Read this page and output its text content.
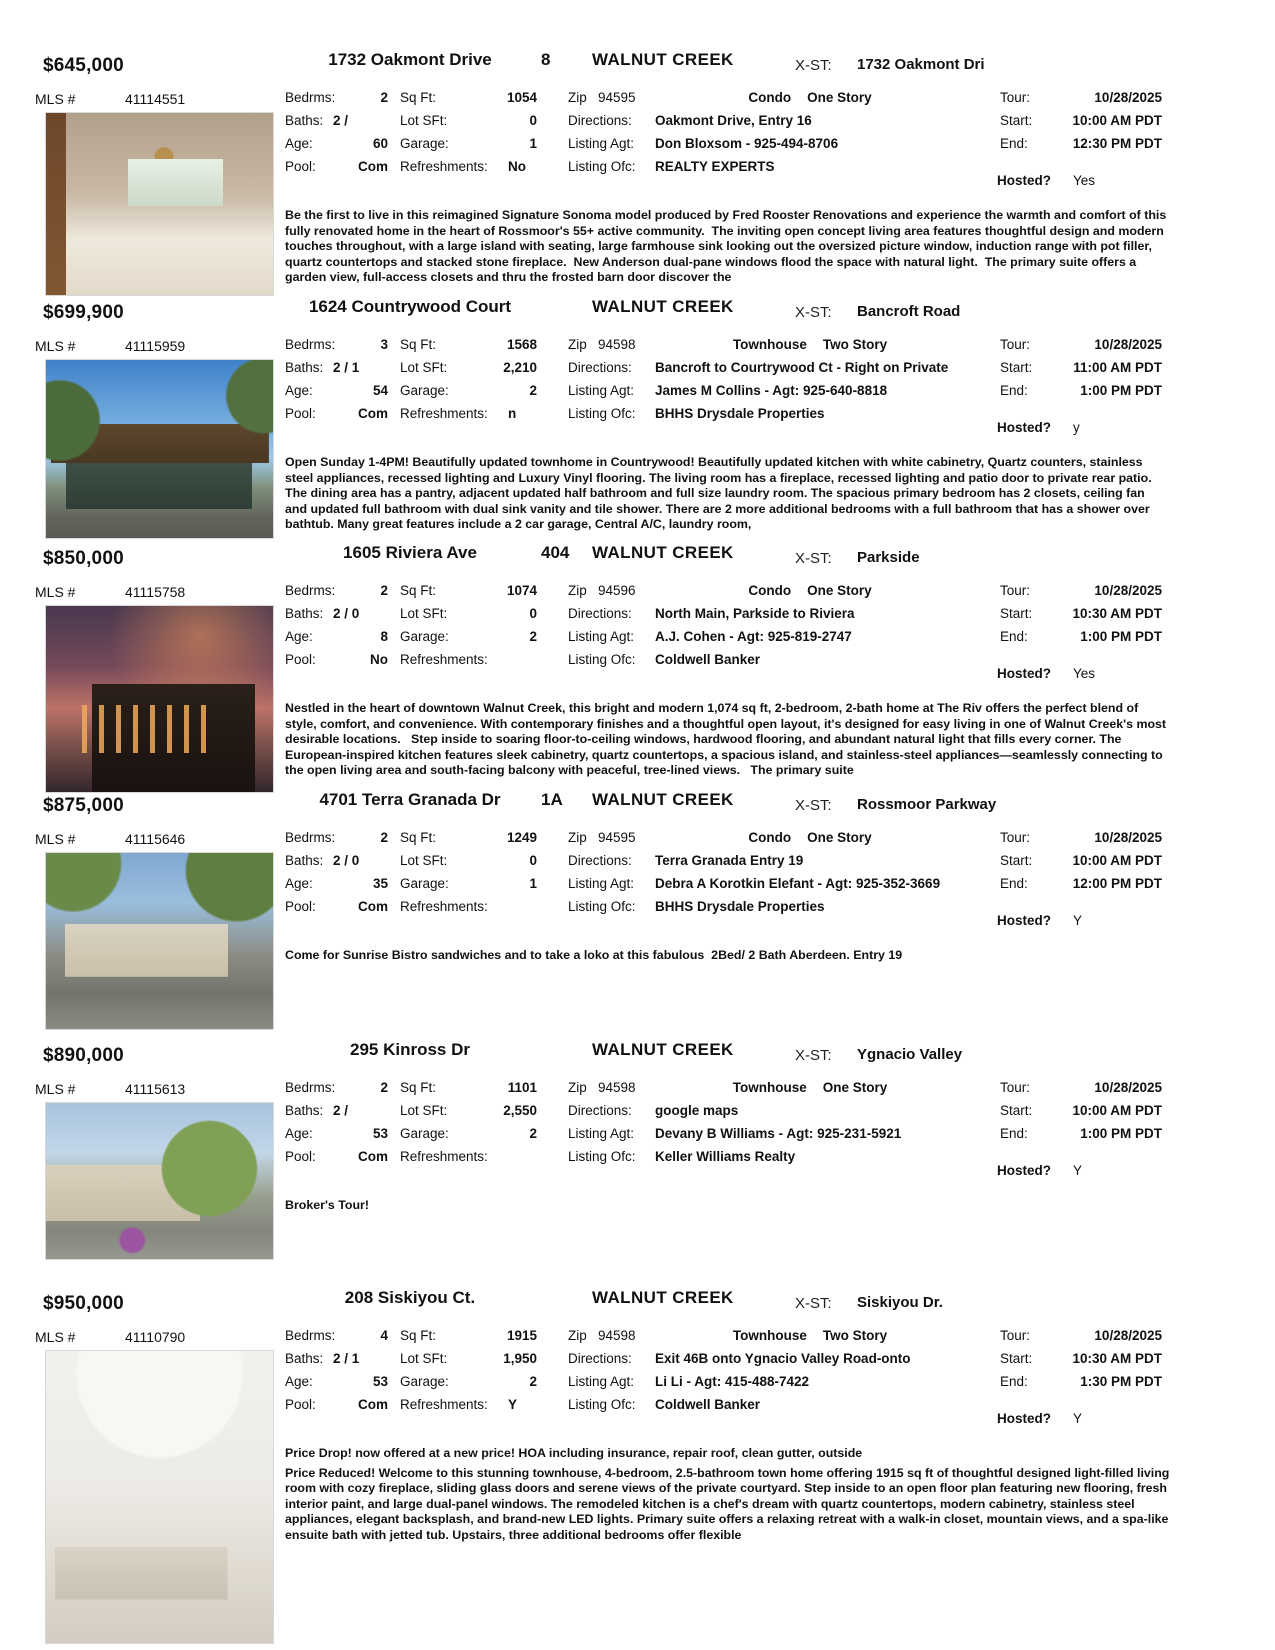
$645,000
MLS #	41114551
1732 Oakmont Drive	8 WALNUT CREEK	X-ST: 1732 Oakmont Dri
Bedrms:	2 Sq Ft:	1054 Zip 94595	Condo One Story	Tour:	10/28/2025
Baths: 2 /	Lot SFt:	0 Directions: Oakmont Drive, Entry 16	Start:	10:00 AM PDT
Age:	60 Garage:	1 Listing Agt: Don Bloxsom - 925-494-8706	End:	12:30 PM PDT
Pool:	Com Refreshments: No	Listing Ofc: REALTY EXPERTS
Hosted? Yes
Be the first to live in this reimagined Signature Sonoma model produced by Fred Rooster Renovations and experience the warmth and comfort of this fully renovated home in the heart of Rossmoor's 55+ active community.  The inviting open concept living area features thoughtful design and modern touches throughout, with a large island with seating, large farmhouse sink looking out the oversized picture window, induction range with pot filler, quartz countertops and stacked stone fireplace.  New Anderson dual-pane windows flood the space with natural light.  The primary suite offers a garden view, full-access closets and thru the frosted barn door discover the
$699,900
MLS #	41115959
1624 Countrywood Court	WALNUT CREEK	X-ST: Bancroft Road
Bedrms:	3 Sq Ft:	1568 Zip 94598	Townhouse Two Story	Tour:	10/28/2025
Baths: 2 / 1	Lot SFt:	2,210 Directions: Bancroft to Courtrywood Ct - Right on Private	Start:	11:00 AM PDT
Age:	54 Garage:	2 Listing Agt: James M Collins - Agt: 925-640-8818	End:	1:00 PM PDT
Pool:	Com Refreshments: n	Listing Ofc: BHHS Drysdale Properties
Hosted? y
Open Sunday 1-4PM! Beautifully updated townhome in Countrywood! Beautifully updated kitchen with white cabinetry, Quartz counters, stainless steel appliances, recessed lighting and Luxury Vinyl flooring. The living room has a fireplace, recessed lighting and patio door to private rear patio. The dining area has a pantry, adjacent updated half bathroom and full size laundry room. The spacious primary bedroom has 2 closets, ceiling fan and updated full bathroom with dual sink vanity and tile shower. There are 2 more additional bedrooms with a full bathroom that has a shower over bathtub. Many great features include a 2 car garage, Central A/C, laundry room,
$850,000
MLS #	41115758
1605 Riviera Ave	404 WALNUT CREEK	X-ST: Parkside
Bedrms:	2 Sq Ft:	1074 Zip 94596	Condo One Story	Tour:	10/28/2025
Baths: 2 / 0	Lot SFt:	0 Directions: North Main, Parkside to Riviera	Start:	10:30 AM PDT
Age:	8 Garage:	2 Listing Agt: A.J. Cohen - Agt: 925-819-2747	End:	1:00 PM PDT
Pool:	No Refreshments:	Listing Ofc: Coldwell Banker
Hosted? Yes
Nestled in the heart of downtown Walnut Creek, this bright and modern 1,074 sq ft, 2-bedroom, 2-bath home at The Riv offers the perfect blend of style, comfort, and convenience. With contemporary finishes and a thoughtful open layout, it's designed for easy living in one of Walnut Creek's most desirable locations.   Step inside to soaring floor-to-ceiling windows, hardwood flooring, and abundant natural light that fills every corner. The European-inspired kitchen features sleek cabinetry, quartz countertops, a spacious island, and stainless-steel appliances—seamlessly connecting to the open living area and south-facing balcony with peaceful, tree-lined views.   The primary suite
$875,000
MLS #	41115646
4701 Terra Granada Dr	1A WALNUT CREEK	X-ST: Rossmoor Parkway
Bedrms:	2 Sq Ft:	1249 Zip 94595	Condo One Story	Tour:	10/28/2025
Baths: 2 / 0	Lot SFt:	0 Directions: Terra Granada Entry 19	Start:	10:00 AM PDT
Age:	35 Garage:	1 Listing Agt: Debra A Korotkin Elefant - Agt: 925-352-3669	End:	12:00 PM PDT
Pool:	Com Refreshments:	Listing Ofc: BHHS Drysdale Properties
Hosted? Y
Come for Sunrise Bistro sandwiches and to take a loko at this fabulous  2Bed/ 2 Bath Aberdeen. Entry 19
$890,000
MLS #	41115613
295 Kinross Dr	WALNUT CREEK	X-ST: Ygnacio Valley
Bedrms:	2 Sq Ft:	1101 Zip 94598	Townhouse One Story	Tour:	10/28/2025
Baths: 2 /	Lot SFt:	2,550 Directions: google maps	Start:	10:00 AM PDT
Age:	53 Garage:	2 Listing Agt: Devany B Williams - Agt: 925-231-5921	End:	1:00 PM PDT
Pool:	Com Refreshments:	Listing Ofc: Keller Williams Realty
Hosted? Y
Broker's Tour!
$950,000
MLS #	41110790
208 Siskiyou Ct.	WALNUT CREEK	X-ST: Siskiyou Dr.
Bedrms:	4 Sq Ft:	1915 Zip 94598	Townhouse Two Story	Tour:	10/28/2025
Baths: 2 / 1	Lot SFt:	1,950 Directions: Exit 46B onto Ygnacio Valley Road-onto	Start:	10:30 AM PDT
Age:	53 Garage:	2 Listing Agt: Li Li - Agt: 415-488-7422	End:	1:30 PM PDT
Pool:	Com Refreshments: Y	Listing Ofc: Coldwell Banker
Hosted? Y
Price Drop! now offered at a new price! HOA including insurance, repair roof, clean gutter, outside
Price Reduced! Welcome to this stunning townhouse, 4-bedroom, 2.5-bathroom town home offering 1915 sq ft of thoughtful designed light-filled living room with cozy fireplace, sliding glass doors and serene views of the private courtyard. Step inside to an open floor plan featuring new flooring, fresh interior paint, and large dual-panel windows. The remodeled kitchen is a chef's dream with quartz countertops, modern cabinetry, stainless steel appliances, elegant backsplash, and brand-new LED lights. Primary suite offers a relaxing retreat with a walk-in closet, mountain views, and a spa-like ensuite bath with jetted tub. Upstairs, three additional bedrooms offer flexible
